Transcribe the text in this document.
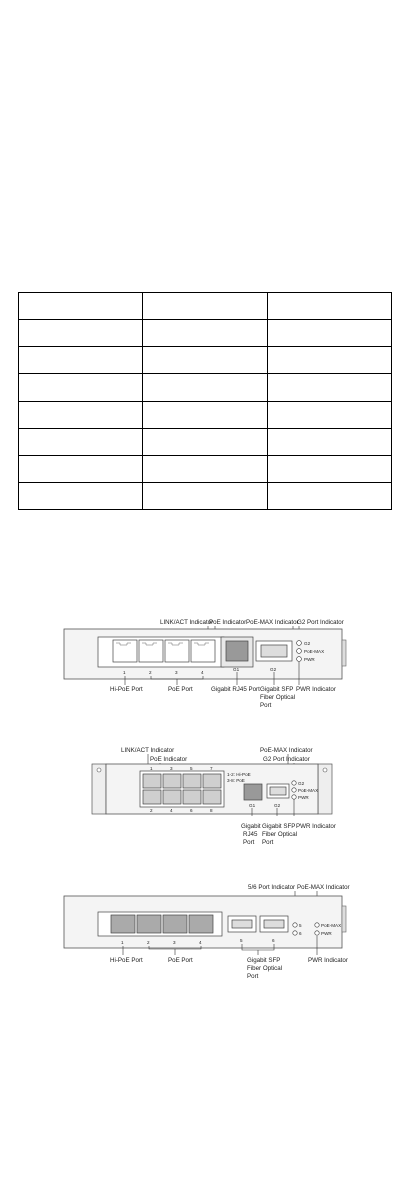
LINK/ACT Indicator
PoE Indicator PoE-MAX Indicator
G2 Port Indicator
G2
PoE-MAX
PWR
1	2	3	4
G1	G2
Hi-PoE Port	PoE Port	Gigabit RJ45 Port Gigabit SFP
Fiber Optical
Port
PWR Indicator
LINK/ACT Indicator
PoE Indicator
PoE-MAX Indicator
G2 Port Indicator
1	3	5	7
2	4	6	8
1-2: Hi-PoE
3-8: PoE
G1	G2
G2
PoE-MAX
PWR
Gigabit
RJ45
Port
Gigabit SFP
Fiber Optical
Port
PWR Indicator
5/6 Port Indicator PoE-MAX Indicator
5
6
PoE-MAX
PWR
1	2	3	4	5	6
Hi-PoE Port	PoE Port	Gigabit SFP
Fiber Optical
Port
PWR Indicator
